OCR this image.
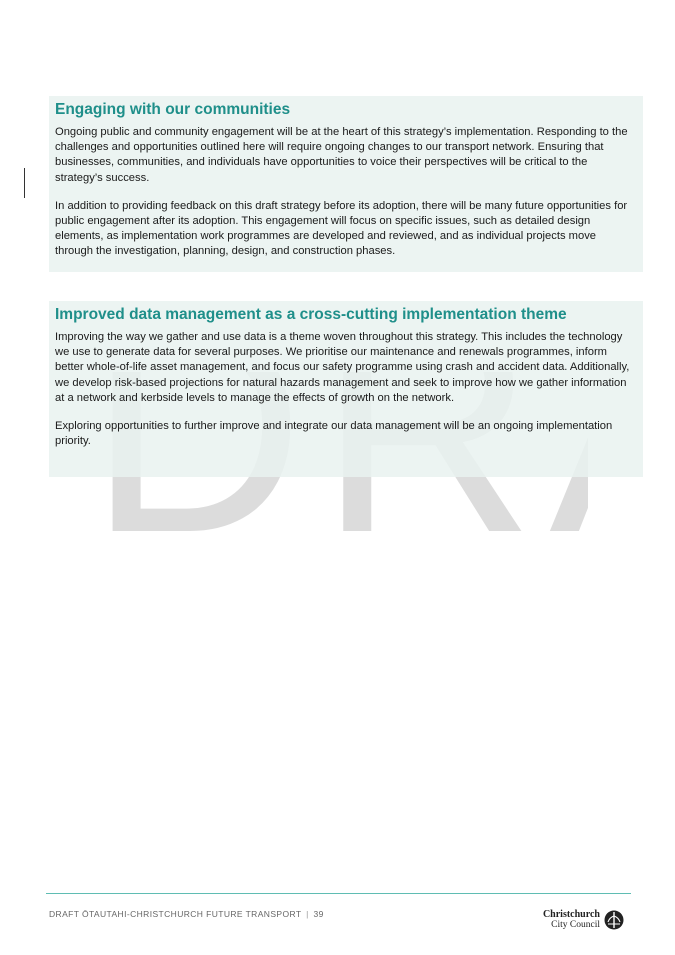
Engaging with our communities

Ongoing public and community engagement will be at the heart of this strategy’s implementation. Responding to the challenges and opportunities outlined here will require ongoing changes to our transport network. Ensuring that businesses, communities, and individuals have opportunities to voice their perspectives will be critical to the strategy’s success.

In addition to providing feedback on this draft strategy before its adoption, there will be many future opportunities for public engagement after its adoption. This engagement will focus on specific issues, such as detailed design elements, as implementation work programmes are developed and reviewed, and as individual projects move through the investigation, planning, design, and construction phases.

Improved data management as a cross-cutting implementation theme

Improving the way we gather and use data is a theme woven throughout this strategy. This includes the technology we use to generate data for several purposes. We prioritise our maintenance and renewals programmes, inform better whole-of-life asset management, and focus our safety programme using crash and accident data. Additionally, we develop risk-based projections for natural hazards management and seek to improve how we gather information at a network and kerbside levels to manage the effects of growth on the network.

Exploring opportunities to further improve and integrate our data management will be an ongoing implementation priority.

DRAFT ŌTAUTAHI-CHRISTCHURCH FUTURE TRANSPORT | 39	Christchurch
City Council
